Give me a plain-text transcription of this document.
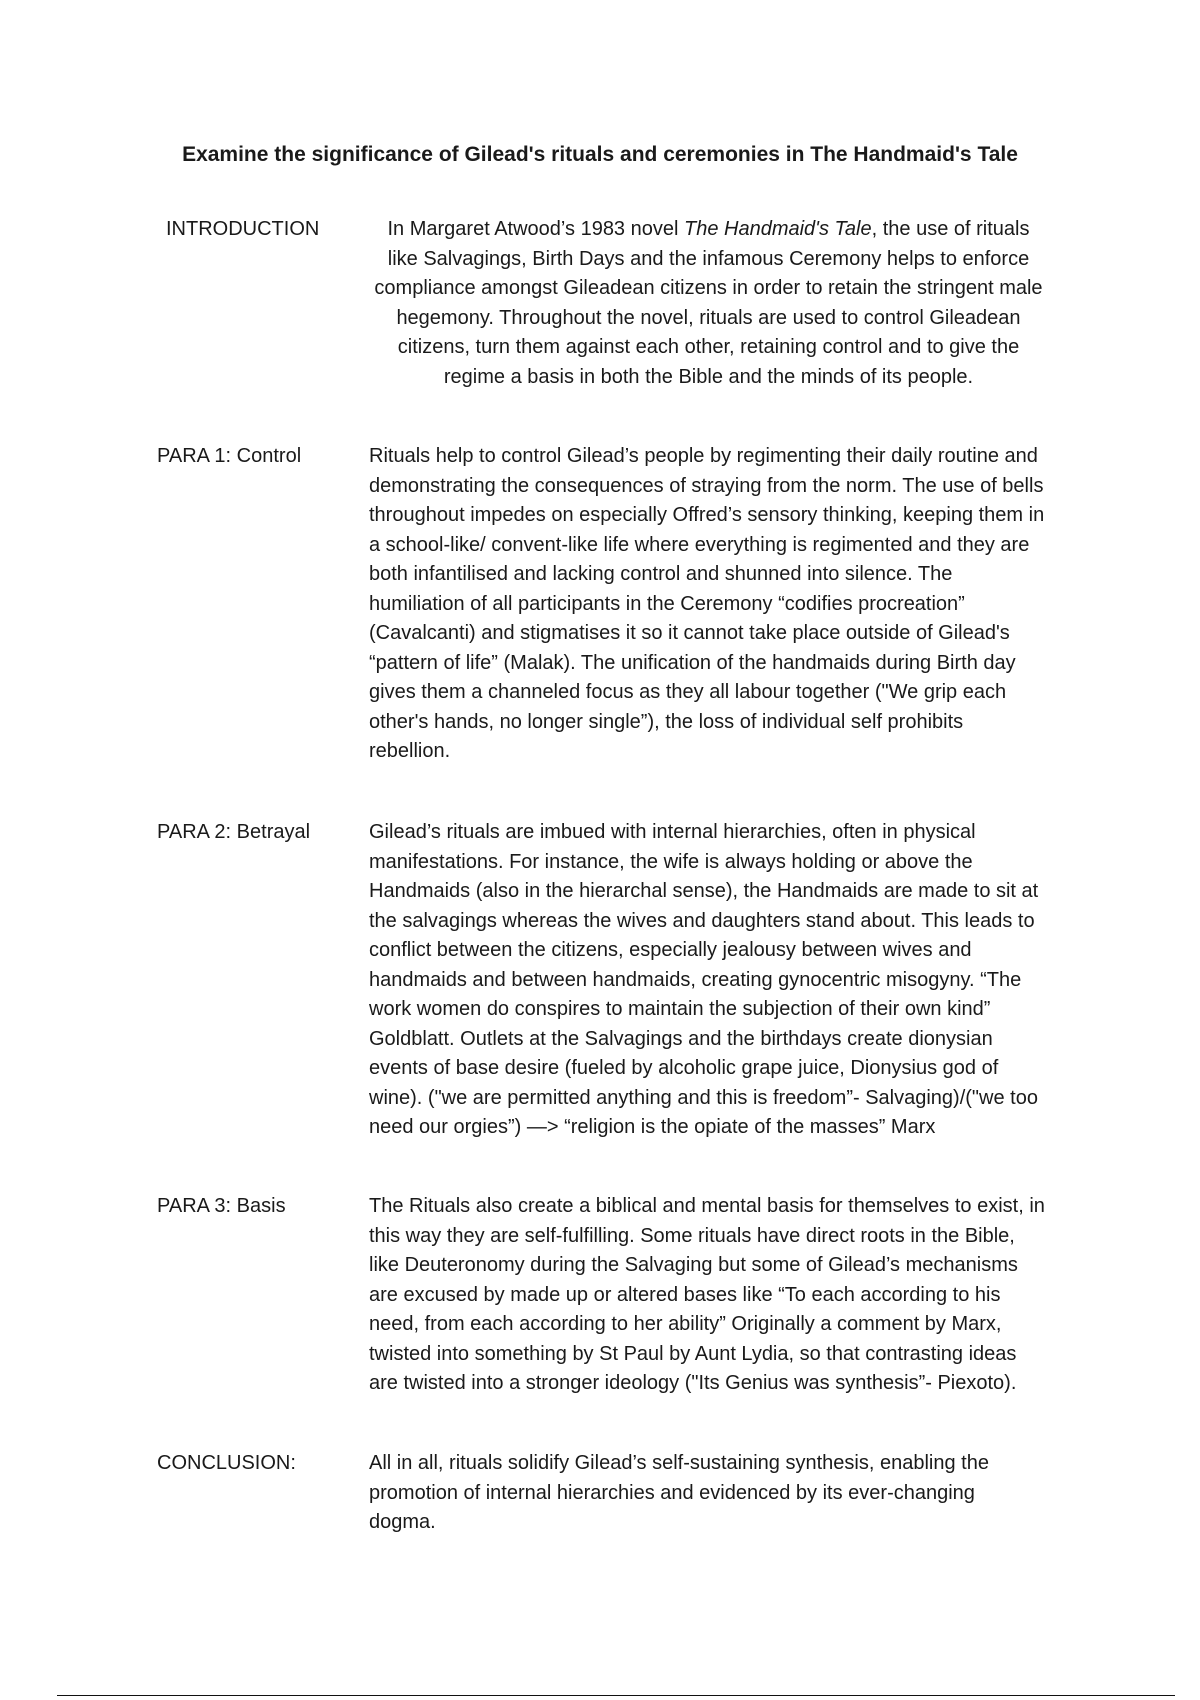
Examine the significance of Gilead's rituals and ceremonies in The Handmaid's Tale
INTRODUCTION	In Margaret Atwood’s 1983 novel The Handmaid's Tale, the use of rituals like Salvagings, Birth Days and the infamous Ceremony helps to enforce compliance amongst Gileadean citizens in order to retain the stringent male hegemony. Throughout the novel, rituals are used to control Gileadean citizens, turn them against each other, retaining control and to give the regime a basis in both the Bible and the minds of its people.

PARA 1: Control	Rituals help to control Gilead’s people by regimenting their daily routine and demonstrating the consequences of straying from the norm. The use of bells throughout impedes on especially Offred’s sensory thinking, keeping them in a school-like/ convent-like life where everything is regimented and they are both infantilised and lacking control and shunned into silence. The humiliation of all participants in the Ceremony “codifies procreation” (Cavalcanti) and stigmatises it so it cannot take place outside of Gilead's “pattern of life” (Malak). The unification of the handmaids during Birth day gives them a channeled focus as they all labour together ("We grip each other's hands, no longer single”), the loss of individual self prohibits rebellion.

PARA 2: Betrayal	Gilead’s rituals are imbued with internal hierarchies, often in physical manifestations. For instance, the wife is always holding or above the Handmaids (also in the hierarchal sense), the Handmaids are made to sit at the salvagings whereas the wives and daughters stand about. This leads to conflict between the citizens, especially jealousy between wives and handmaids and between handmaids, creating gynocentric misogyny. “The work women do conspires to maintain the subjection of their own kind” Goldblatt. Outlets at the Salvagings and the birthdays create dionysian events of base desire (fueled by alcoholic grape juice, Dionysius god of wine). ("we are permitted anything and this is freedom”- Salvaging)/("we too need our orgies”) —> “religion is the opiate of the masses” Marx

PARA 3: Basis	The Rituals also create a biblical and mental basis for themselves to exist, in this way they are self-fulfilling. Some rituals have direct roots in the Bible, like Deuteronomy during the Salvaging but some of Gilead’s mechanisms are excused by made up or altered bases like “To each according to his need, from each according to her ability” Originally a comment by Marx, twisted into something by St Paul by Aunt Lydia, so that contrasting ideas are twisted into a stronger ideology ("Its Genius was synthesis”- Piexoto).

CONCLUSION:	All in all, rituals solidify Gilead’s self-sustaining synthesis, enabling the promotion of internal hierarchies and evidenced by its ever-changing dogma.
